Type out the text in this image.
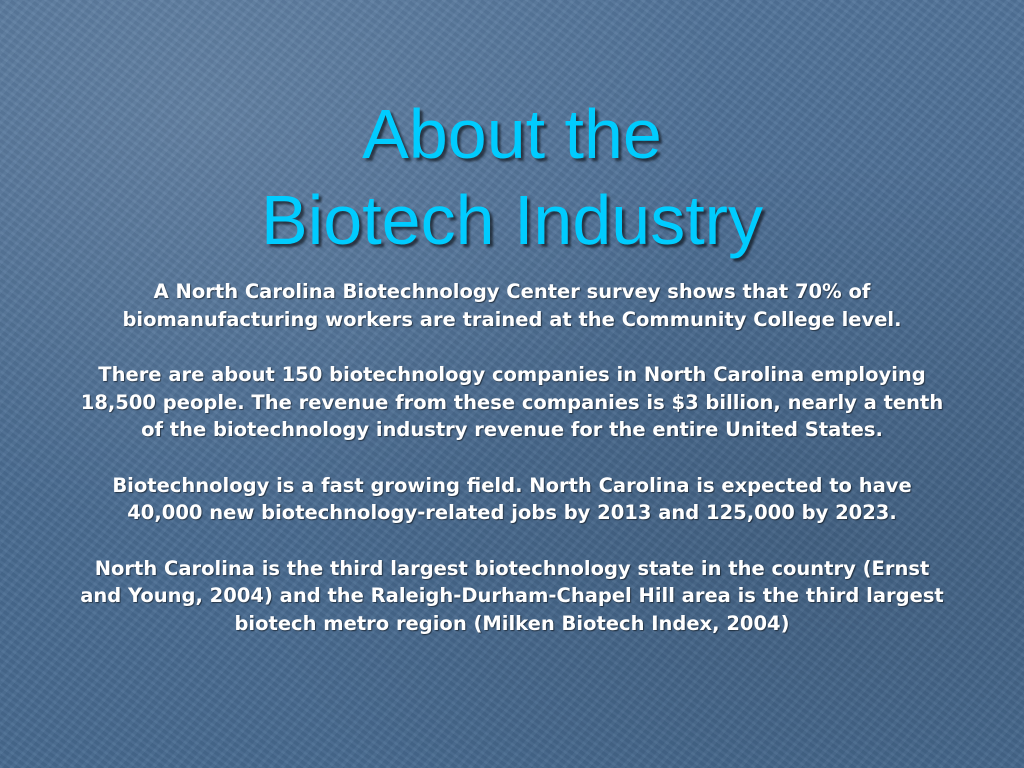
About the
Biotech Industry

A North Carolina Biotechnology Center survey shows that 70% of biomanufacturing workers are trained at the Community College level.

There are about 150 biotechnology companies in North Carolina employing 18,500 people. The revenue from these companies is $3 billion, nearly a tenth of the biotechnology industry revenue for the entire United States.

Biotechnology is a fast growing field. North Carolina is expected to have 40,000 new biotechnology-related jobs by 2013 and 125,000 by 2023.

North Carolina is the third largest biotechnology state in the country (Ernst and Young, 2004) and the Raleigh-Durham-Chapel Hill area is the third largest biotech metro region (Milken Biotech Index, 2004)
